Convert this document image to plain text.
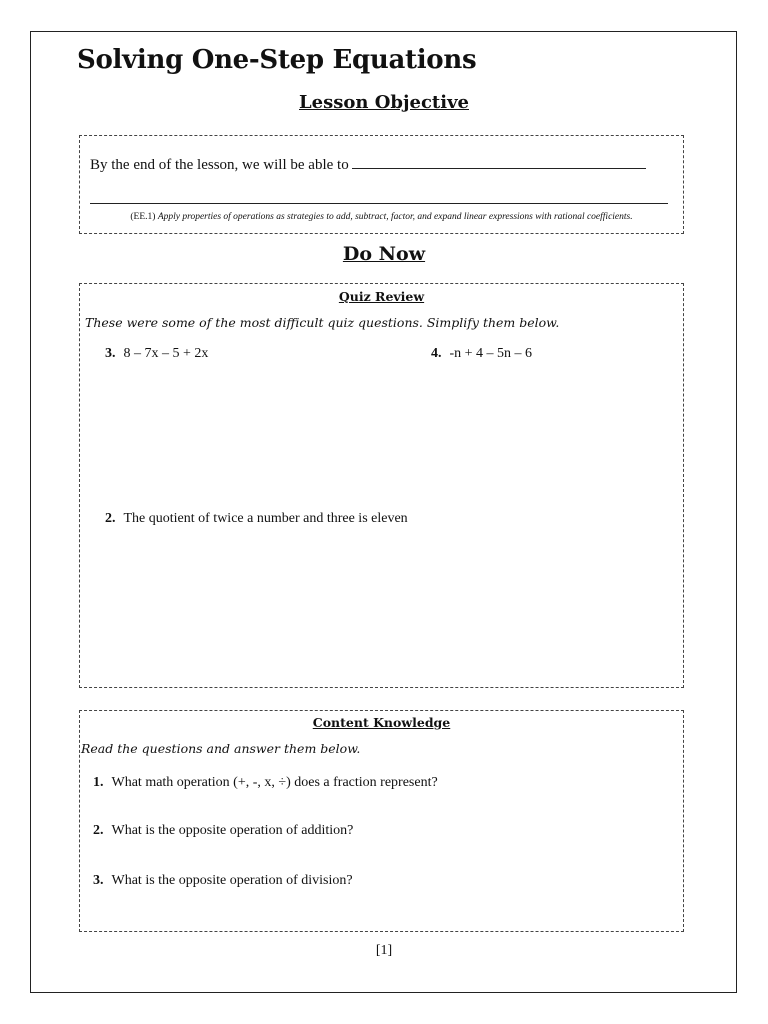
Solving One-Step Equations
Lesson Objective
By the end of the lesson, we will be able to
(EE.1) Apply properties of operations as strategies to add, subtract, factor, and expand linear expressions with rational coefficients.
Do Now
Quiz Review
These were some of the most difficult quiz questions. Simplify them below.
3. 8 – 7x – 5 + 2x	4. -n + 4 – 5n – 6
2. The quotient of twice a number and three is eleven
Content Knowledge
Read the questions and answer them below.
1. What math operation (+, -, x, ÷) does a fraction represent?
2. What is the opposite operation of addition?
3. What is the opposite operation of division?
[1]
